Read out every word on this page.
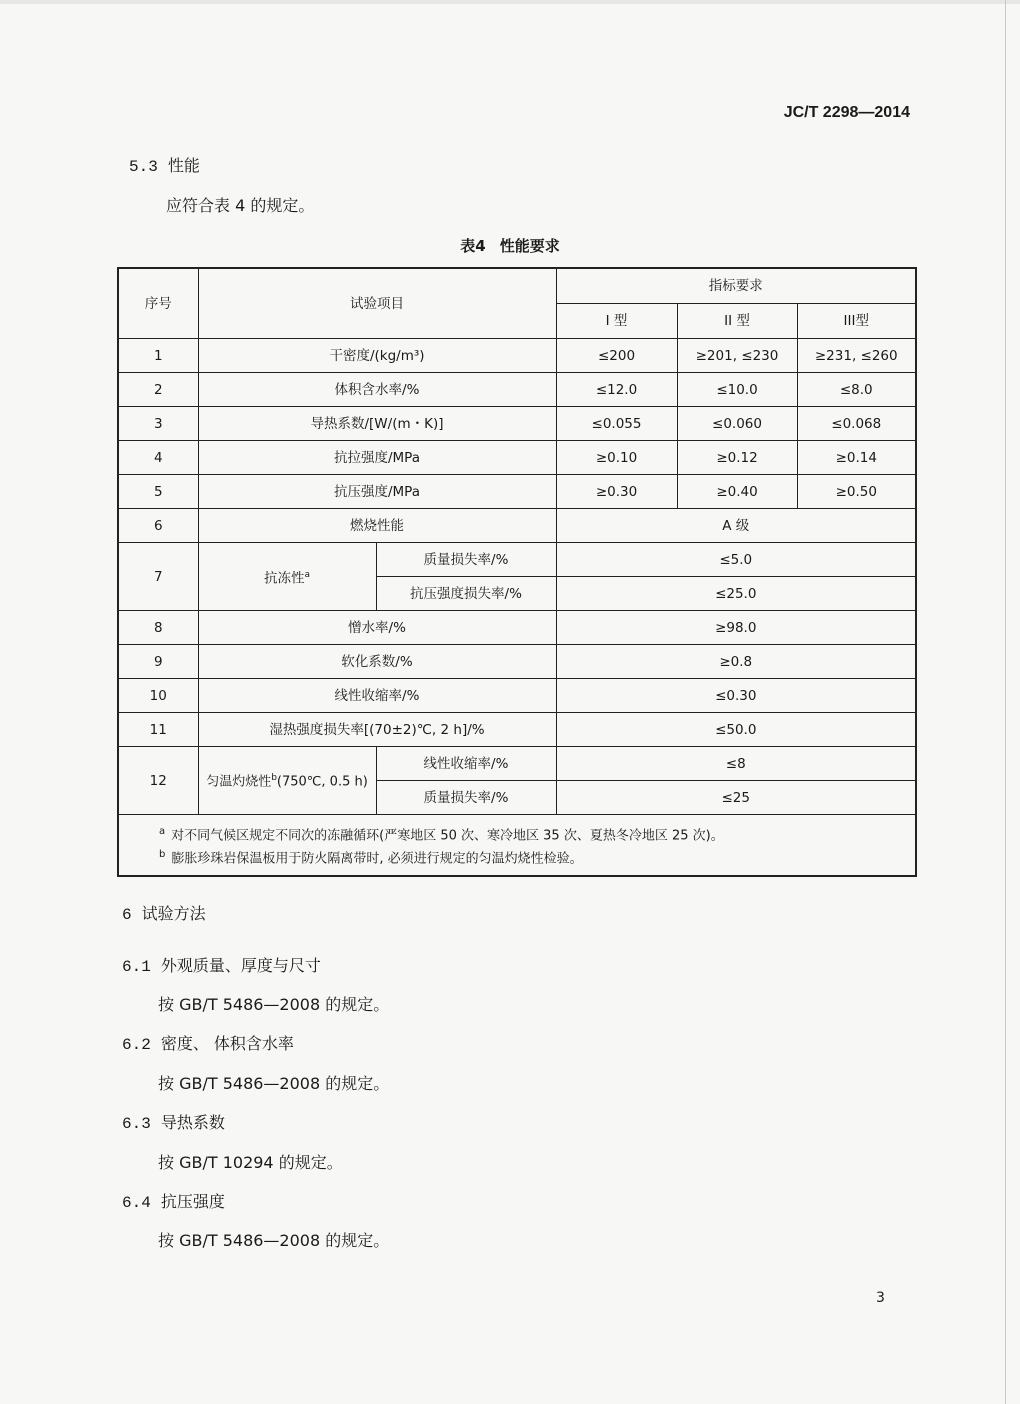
JC/T 2298—2014
5.3 性能
应符合表 4 的规定。
表4 性能要求
序号	试验项目		指标要求		
			I 型	II 型	III型
1	干密度/(kg/m³)		≤200	≥201, ≤230	≥231, ≤260
2	体积含水率/%		≤12.0	≤10.0	≤8.0
3	导热系数/[W/(m・K)]		≤0.055	≤0.060	≤0.068
4	抗拉强度/MPa		≥0.10	≥0.12	≥0.14
5	抗压强度/MPa		≥0.30	≥0.40	≥0.50
6	燃烧性能		A 级		
7	抗冻性$^a$	质量损失率/%	≤5.0		
		抗压强度损失率/%	≤25.0		
8	憎水率/%		≥98.0		
9	软化系数/%		≥0.8		
10	线性收缩率/%		≤0.30		
11	湿热强度损失率[(70±2)℃, 2 h]/%		≤50.0		
12	匀温灼烧性$^b$(750℃, 0.5 h)	线性收缩率/%	≤8		
		质量损失率/%	≤25		

$^a$ 对不同气候区规定不同次的冻融循环(严寒地区 50 次、寒冷地区 35 次、夏热冬冷地区 25 次)。
$^b$ 膨胀珍珠岩保温板用于防火隔离带时, 必须进行规定的匀温灼烧性检验。					
6 试验方法
6.1 外观质量、厚度与尺寸
按 GB/T 5486—2008 的规定。
6.2 密度、 体积含水率
按 GB/T 5486—2008 的规定。
6.3 导热系数
按 GB/T 10294 的规定。
6.4 抗压强度
按 GB/T 5486—2008 的规定。
3
